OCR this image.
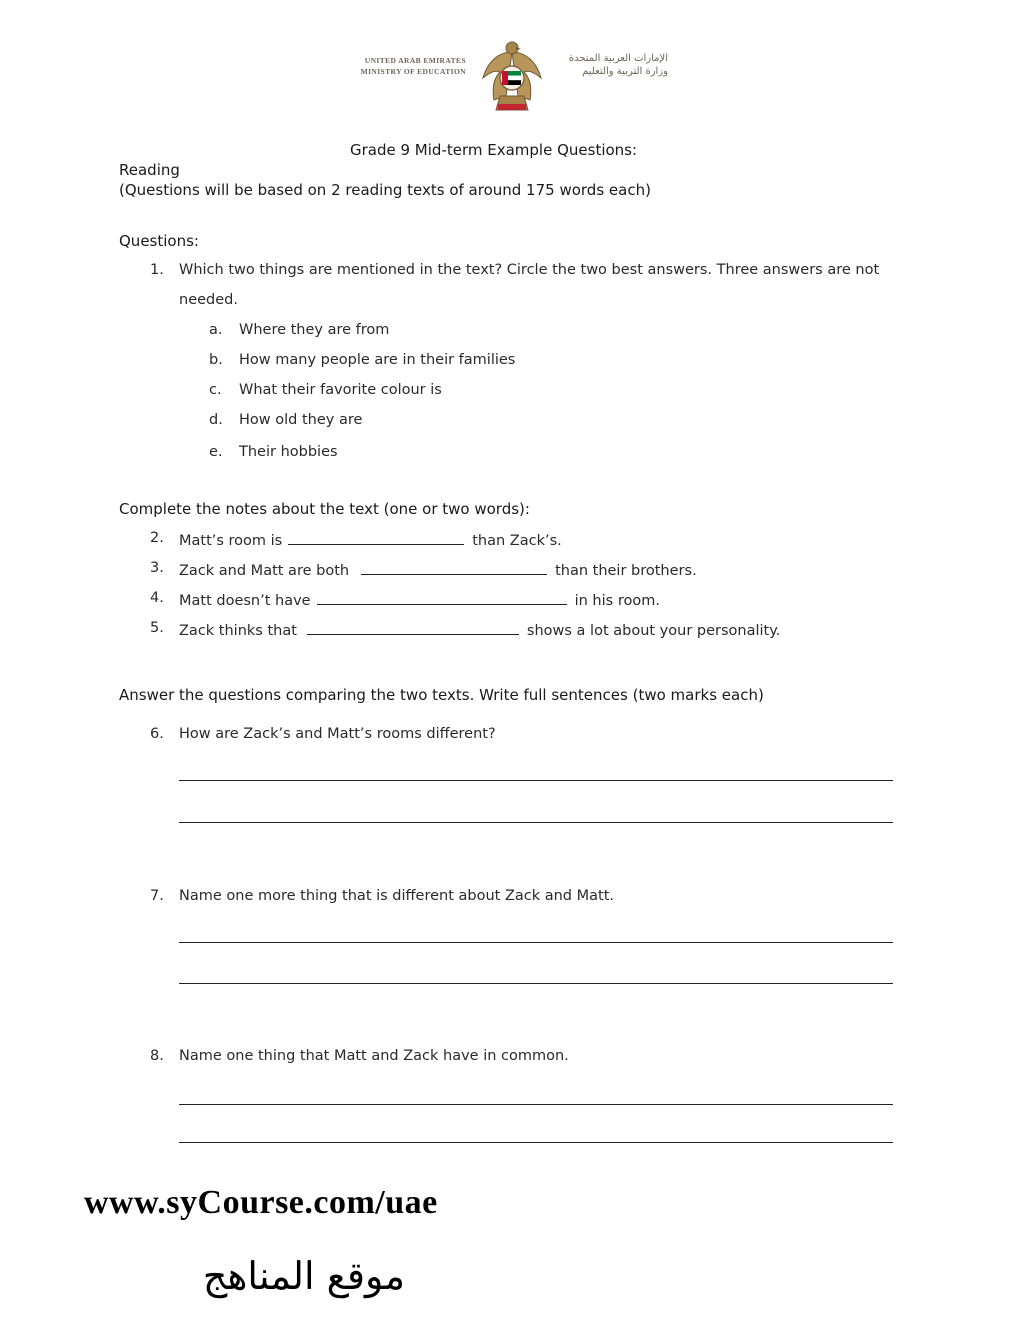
UNITED ARAB EMIRATES
MINISTRY OF EDUCATION
الإمارات العربية المتحدة
وزارة التربية والتعليم
Grade 9 Mid-term Example Questions:
Reading
(Questions will be based on 2 reading texts of around 175 words each)
Questions:
1. Which two things are mentioned in the text? Circle the two best answers. Three answers are not
needed.
a. Where they are from
b. How many people are in their families
c. What their favorite colour is
d. How old they are
e. Their hobbies
Complete the notes about the text (one or two words):
2. Matt’s room is	than Zack’s.
3. Zack and Matt are both	than their brothers.
4. Matt doesn’t have	in his room.
5. Zack thinks that	shows a lot about your personality.
Answer the questions comparing the two texts. Write full sentences (two marks each)
6. How are Zack’s and Matt’s rooms different?
7. Name one more thing that is different about Zack and Matt.
8. Name one thing that Matt and Zack have in common.
www.syCourse.com/uae
موقع المناهج
